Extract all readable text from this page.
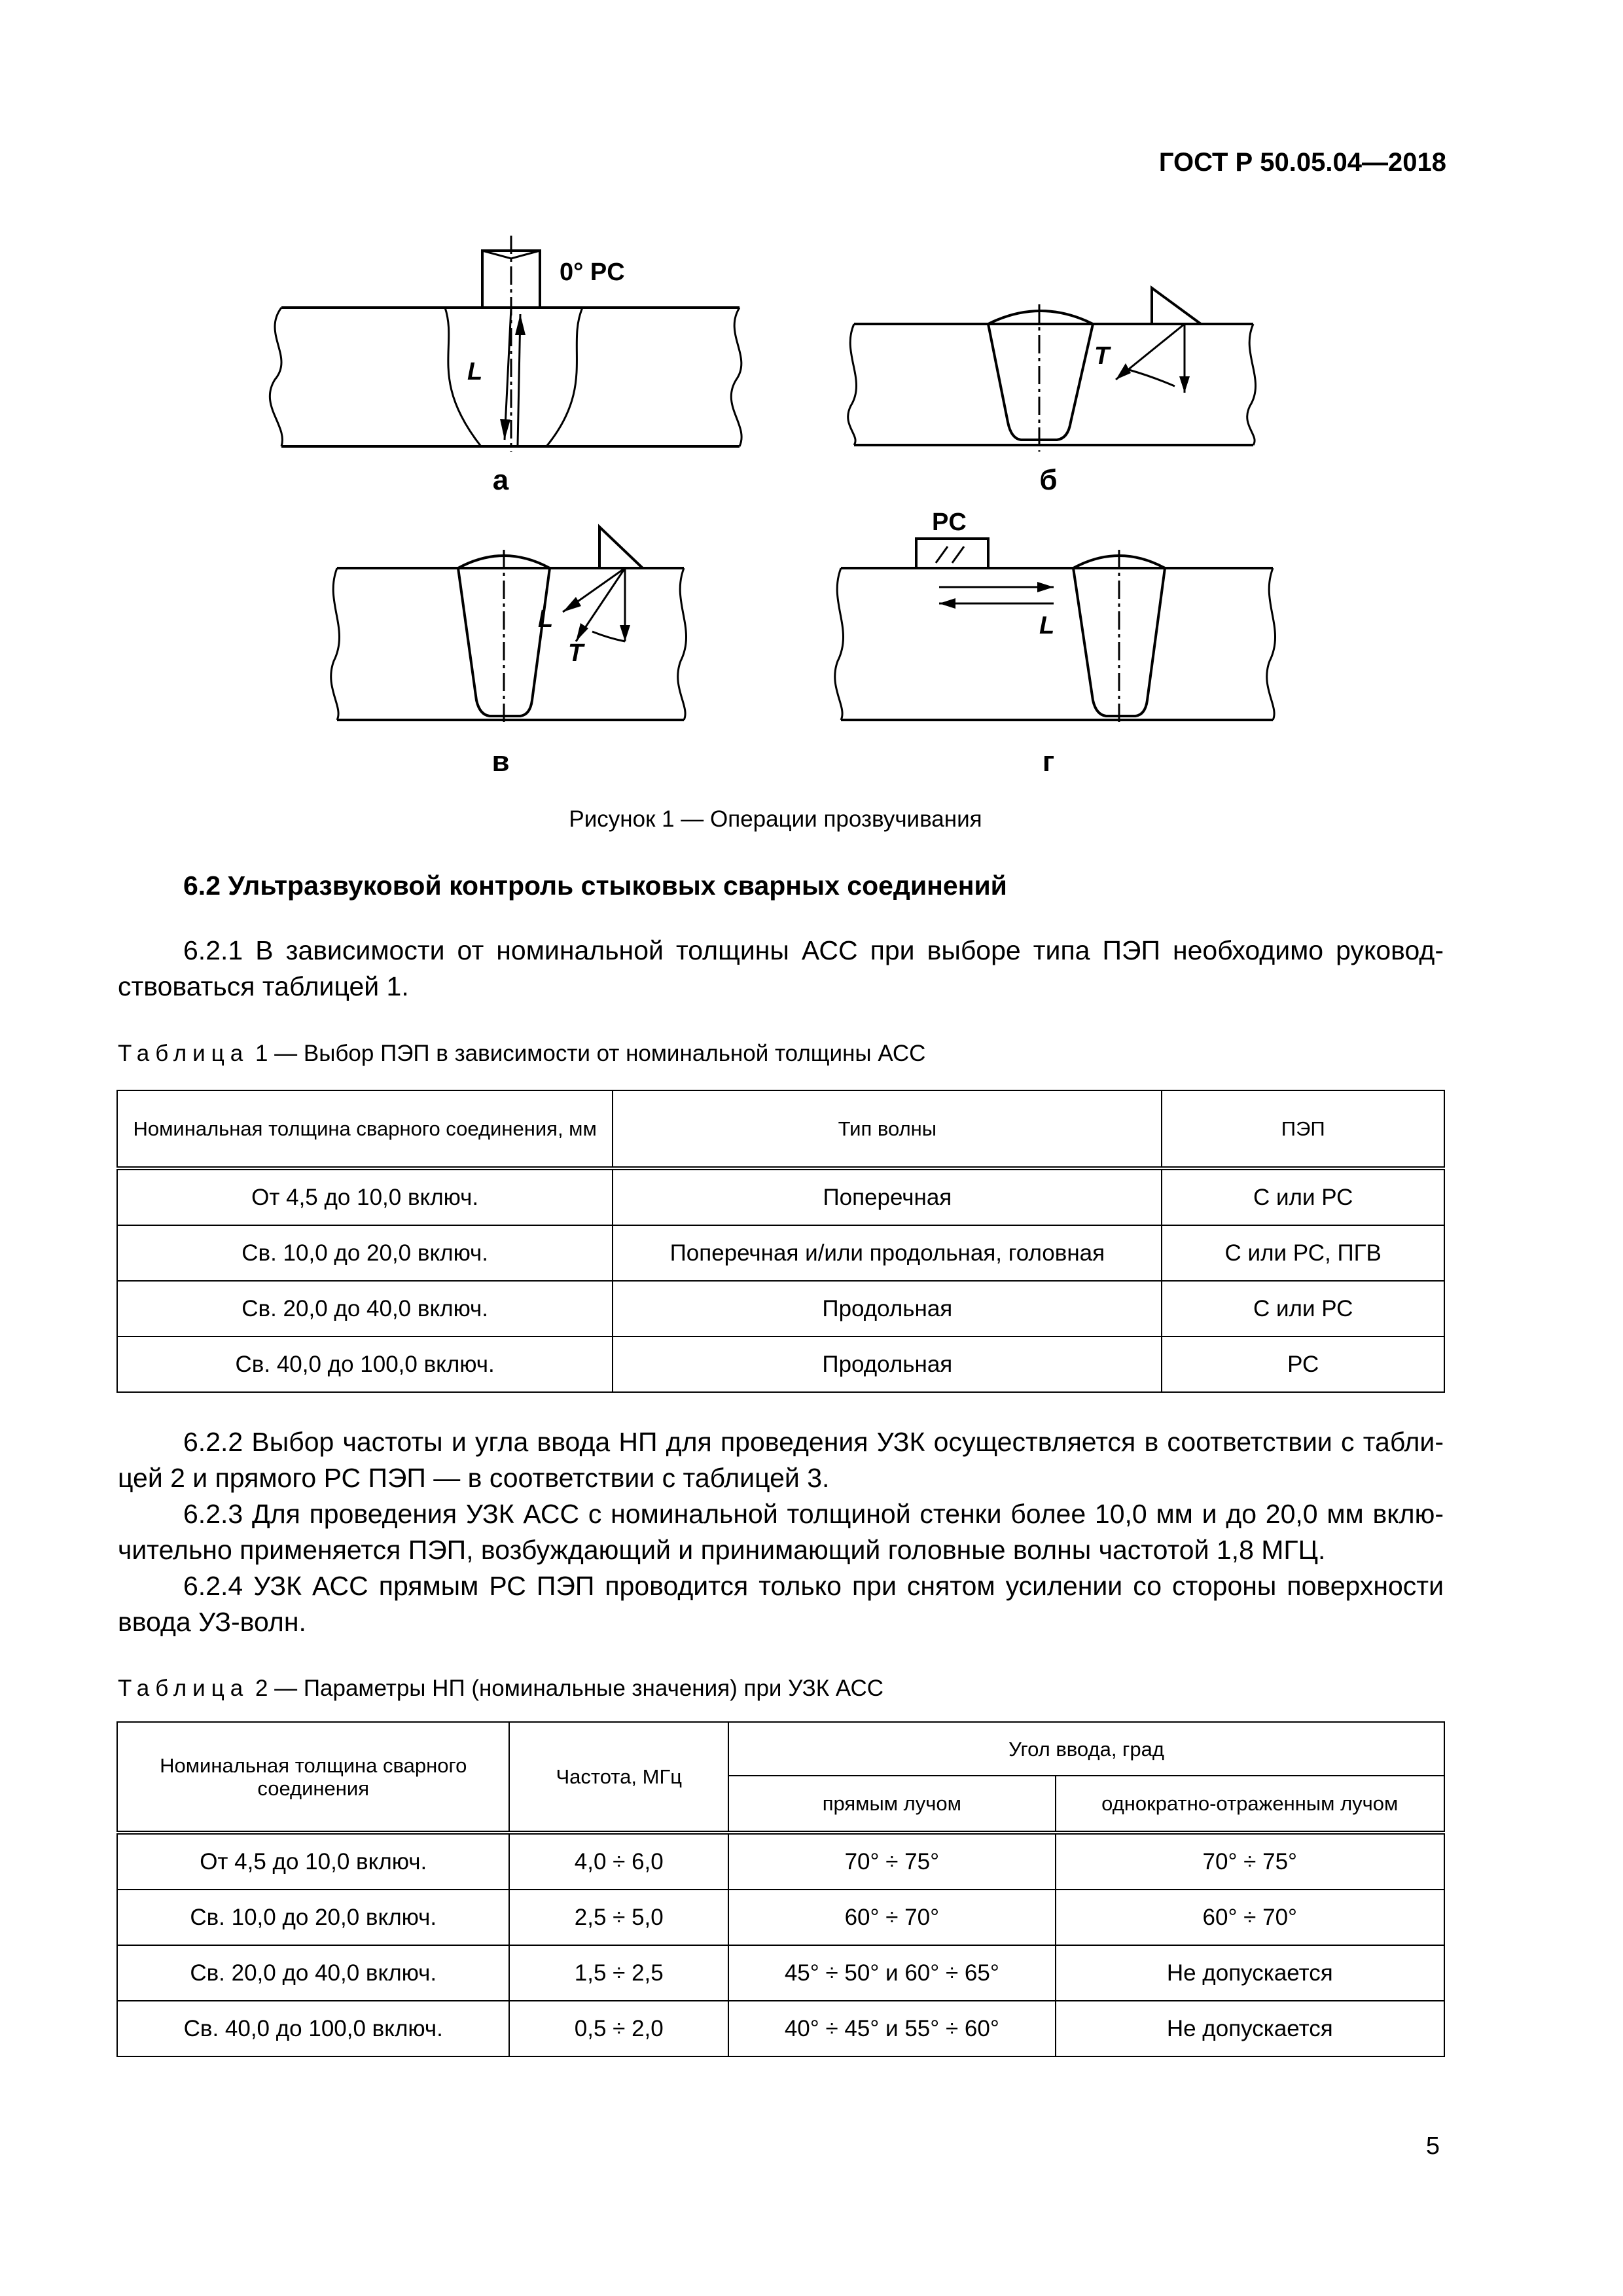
ГОСТ Р 50.05.04—2018
0° PC
L
а
T
б
L
T
в
PC
L
г
Рисунок 1 — Операции прозвучивания
6.2 Ультразвуковой контроль стыковых сварных соединений
6.2.1 В зависимости от номинальной толщины АСС при выборе типа ПЭП необходимо руководствоваться таблицей 1.
Таблица 1 — Выбор ПЭП в зависимости от номинальной толщины АСС
Номинальная толщина сварного соединения, мм	Тип волны	ПЭП
От 4,5 до 10,0 включ.	Поперечная	С или РС
Св. 10,0 до 20,0 включ.	Поперечная и/или продольная, головная	С или РС, ПГВ
Св. 20,0 до 40,0 включ.	Продольная	С или РС
Св. 40,0 до 100,0 включ.	Продольная	РС
6.2.2 Выбор частоты и угла ввода НП для проведения УЗК осуществляется в соответствии с таблицей 2 и прямого РС ПЭП — в соответствии с таблицей 3.
6.2.3 Для проведения УЗК АСС с номинальной толщиной стенки более 10,0 мм и до 20,0 мм включительно применяется ПЭП, возбуждающий и принимающий головные волны частотой 1,8 МГЦ.
6.2.4 УЗК АСС прямым РС ПЭП проводится только при снятом усилении со стороны поверхности ввода УЗ-волн.
Таблица 2 — Параметры НП (номинальные значения) при УЗК АСС
Номинальная толщина сварного соединения	Частота, МГц	Угол ввода, град	
		прямым лучом	однократно-отраженным лучом
От 4,5 до 10,0 включ.	4,0 ÷ 6,0	70° ÷ 75°	70° ÷ 75°
Св. 10,0 до 20,0 включ.	2,5 ÷ 5,0	60° ÷ 70°	60° ÷ 70°
Св. 20,0 до 40,0 включ.	1,5 ÷ 2,5	45° ÷ 50° и 60° ÷ 65°	Не допускается
Св. 40,0 до 100,0 включ.	0,5 ÷ 2,0	40° ÷ 45° и 55° ÷ 60°	Не допускается
5
